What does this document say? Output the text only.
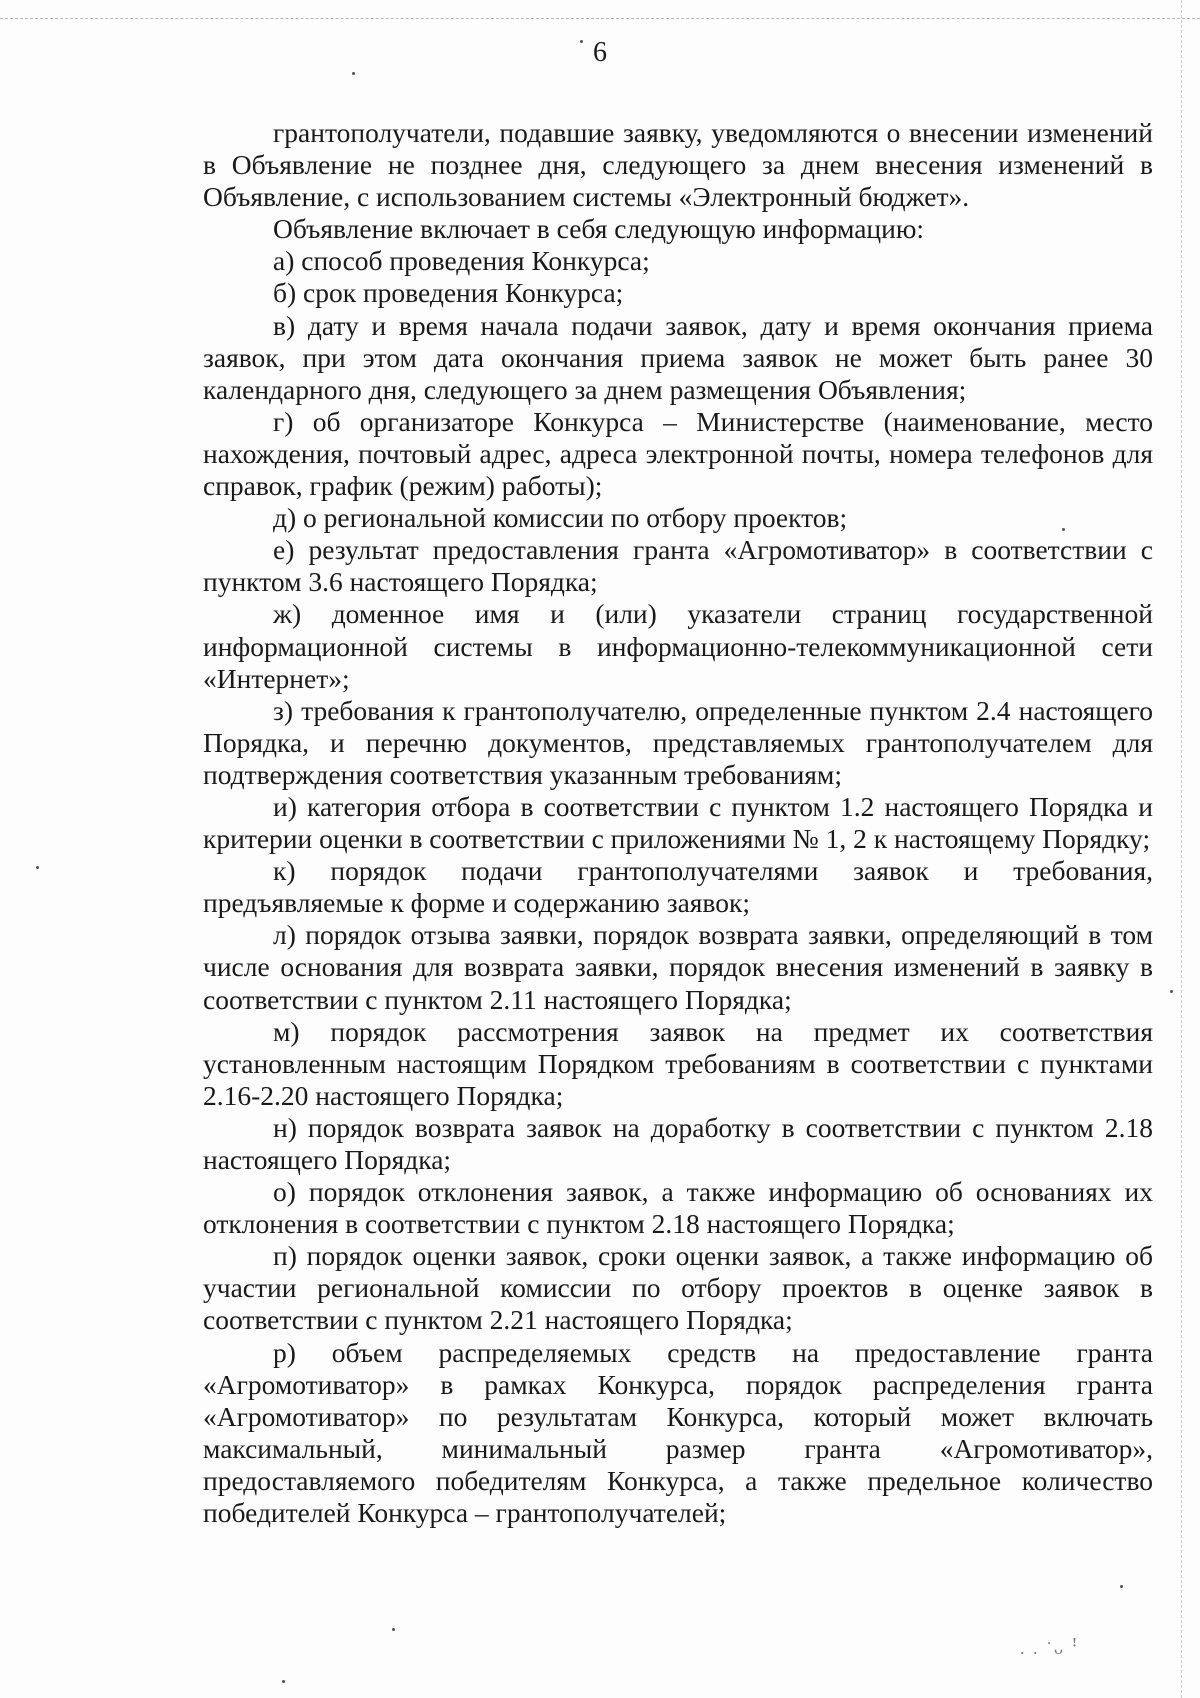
6

грантополучатели, подавшие заявку, уведомляются о внесении изменений в Объявление не позднее дня, следующего за днем внесения изменений в Объявление, с использованием системы «Электронный бюджет».

Объявление включает в себя следующую информацию:

а) способ проведения Конкурса;

б) срок проведения Конкурса;

в) дату и время начала подачи заявок, дату и время окончания приема заявок, при этом дата окончания приема заявок не может быть ранее 30 календарного дня, следующего за днем размещения Объявления;

г) об организаторе Конкурса – Министерстве (наименование, место нахождения, почтовый адрес, адреса электронной почты, номера телефонов для справок, график (режим) работы);

д) о региональной комиссии по отбору проектов;

е) результат предоставления гранта «Агромотиватор» в соответствии с пунктом 3.6 настоящего Порядка;

ж) доменное имя и (или) указатели страниц государственной информационной системы в информационно-телекоммуникационной сети «Интернет»;

з) требования к грантополучателю, определенные пунктом 2.4 настоящего Порядка, и перечню документов, представляемых грантополучателем для подтверждения соответствия указанным требованиям;

и) категория отбора в соответствии с пунктом 1.2 настоящего Порядка и критерии оценки в соответствии с приложениями № 1, 2 к настоящему Порядку;

к) порядок подачи грантополучателями заявок и требования, предъявляемые к форме и содержанию заявок;

л) порядок отзыва заявки, порядок возврата заявки, определяющий в том числе основания для возврата заявки, порядок внесения изменений в заявку в соответствии с пунктом 2.11 настоящего Порядка;

м) порядок рассмотрения заявок на предмет их соответствия установленным настоящим Порядком требованиям в соответствии с пунктами 2.16-2.20 настоящего Порядка;

н) порядок возврата заявок на доработку в соответствии с пунктом 2.18 настоящего Порядка;

о) порядок отклонения заявок, а также информацию об основаниях их отклонения в соответствии с пунктом 2.18 настоящего Порядка;

п) порядок оценки заявок, сроки оценки заявок, а также информацию об участии региональной комиссии по отбору проектов в оценке заявок в соответствии с пунктом 2.21 настоящего Порядка;

р) объем распределяемых средств на предоставление гранта «Агромотиватор» в рамках Конкурса, порядок распределения гранта «Агромотиватор» по результатам Конкурса, который может включать максимальный, минимальный размер гранта «Агромотиватор», предоставляемого победителям Конкурса, а также предельное количество победителей Конкурса – грантополучателей;

. . ˙ᴗ ꜝ
